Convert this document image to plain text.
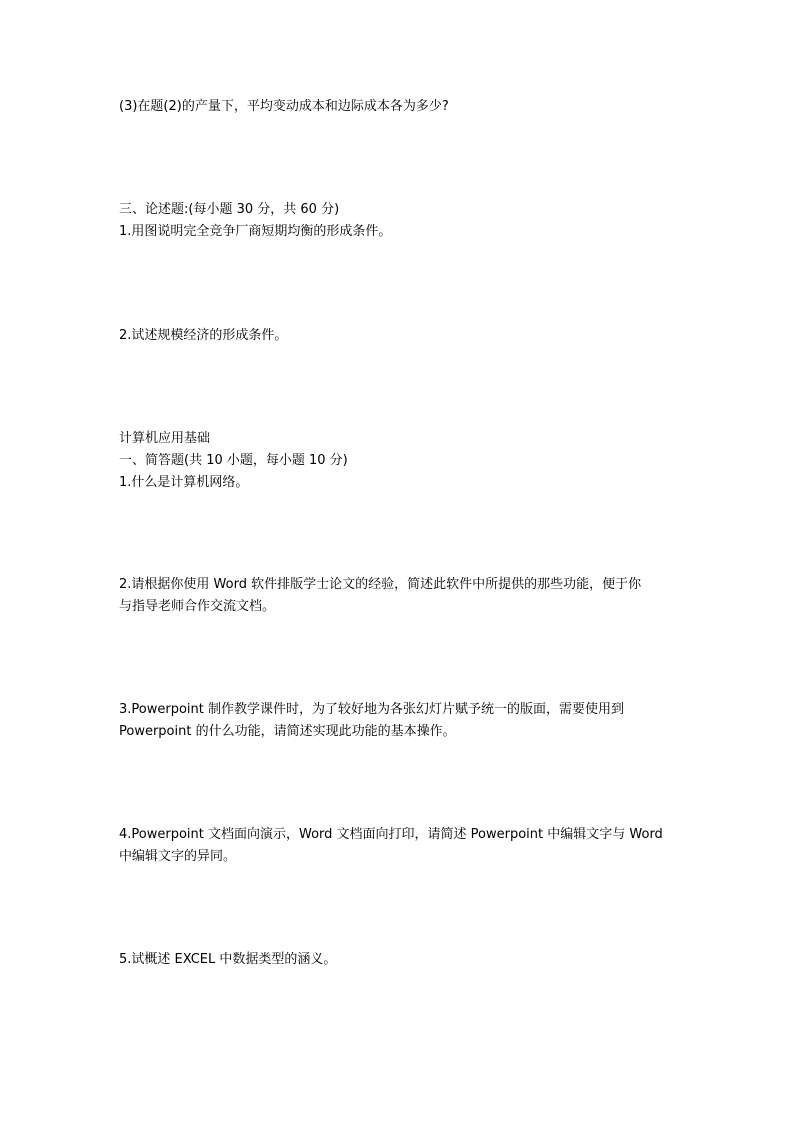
(3)在题(2)的产量下，平均变动成本和边际成本各为多少?

三、论述题:(每小题 30 分，共 60 分)

1.用图说明完全竞争厂商短期均衡的形成条件。

2.试述规模经济的形成条件。

计算机应用基础

一、简答题(共 10 小题，每小题 10 分)

1.什么是计算机网络。

2.请根据你使用 Word 软件排版学士论文的经验，简述此软件中所提供的那些功能，便于你

与指导老师合作交流文档。

3.Powerpoint 制作教学课件时，为了较好地为各张幻灯片赋予统一的版面，需要使用到

Powerpoint 的什么功能，请简述实现此功能的基本操作。

4.Powerpoint 文档面向演示，Word 文档面向打印，请简述 Powerpoint 中编辑文字与 Word

中编辑文字的异同。

5.试概述 EXCEL 中数据类型的涵义。
